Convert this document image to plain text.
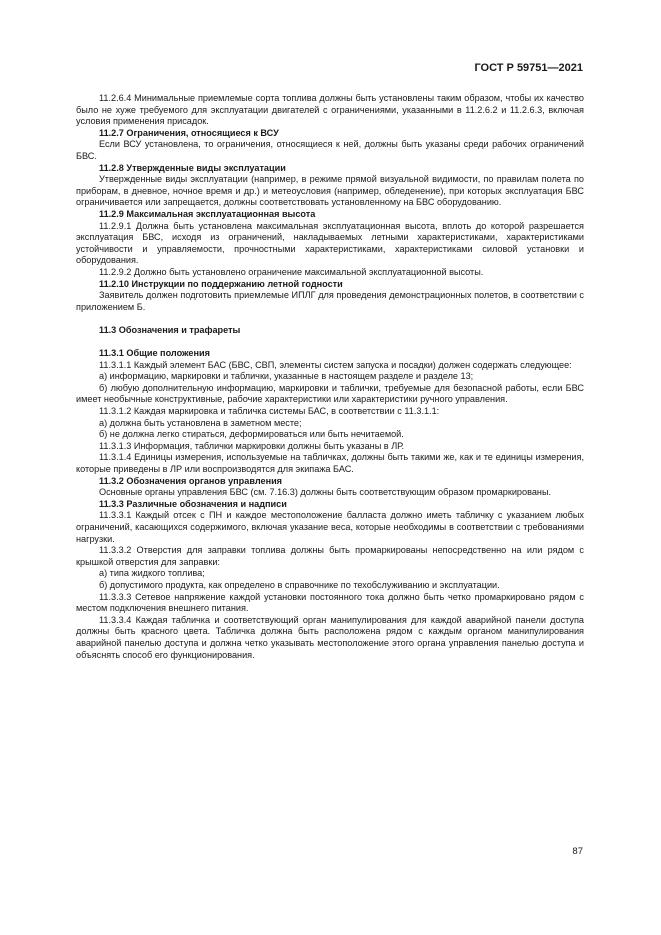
ГОСТ Р 59751—2021

11.2.6.4 Минимальные приемлемые сорта топлива должны быть установлены таким образом, чтобы их качество было не хуже требуемого для эксплуатации двигателей с ограничениями, указанными в 11.2.6.2 и 11.2.6.3, включая условия применения присадок.

11.2.7 Ограничения, относящиеся к ВСУ

Если ВСУ установлена, то ограничения, относящиеся к ней, должны быть указаны среди рабочих ограничений БВС.

11.2.8 Утвержденные виды эксплуатации

Утвержденные виды эксплуатации (например, в режиме прямой визуальной видимости, по правилам полета по приборам, в дневное, ночное время и др.) и метеоусловия (например, обледенение), при которых эксплуатация БВС ограничивается или запрещается, должны соответствовать установленному на БВС оборудованию.

11.2.9 Максимальная эксплуатационная высота

11.2.9.1 Должна быть установлена максимальная эксплуатационная высота, вплоть до которой разрешается эксплуатация БВС, исходя из ограничений, накладываемых летными характеристиками, характеристиками устойчивости и управляемости, прочностными характеристиками, характеристиками силовой установки и оборудования.

11.2.9.2 Должно быть установлено ограничение максимальной эксплуатационной высоты.

11.2.10 Инструкции по поддержанию летной годности

Заявитель должен подготовить приемлемые ИПЛГ для проведения демонстрационных полетов, в соответствии с приложением Б.

11.3 Обозначения и трафареты

11.3.1 Общие положения

11.3.1.1 Каждый элемент БАС (БВС, СВП, элементы систем запуска и посадки) должен содержать следующее:

а) информацию, маркировки и таблички, указанные в настоящем разделе и разделе 13;

б) любую дополнительную информацию, маркировки и таблички, требуемые для безопасной работы, если БВС имеет необычные конструктивные, рабочие характеристики или характеристики ручного управления.

11.3.1.2 Каждая маркировка и табличка системы БАС, в соответствии с 11.3.1.1:

а) должна быть установлена в заметном месте;

б) не должна легко стираться, деформироваться или быть нечитаемой.

11.3.1.3 Информация, таблички маркировки должны быть указаны в ЛР.

11.3.1.4 Единицы измерения, используемые на табличках, должны быть такими же, как и те единицы измерения, которые приведены в ЛР или воспроизводятся для экипажа БАС.

11.3.2 Обозначения органов управления

Основные органы управления БВС (см. 7.16.3) должны быть соответствующим образом промаркированы.

11.3.3 Различные обозначения и надписи

11.3.3.1 Каждый отсек с ПН и каждое местоположение балласта должно иметь табличку с указанием любых ограничений, касающихся содержимого, включая указание веса, которые необходимы в соответствии с требованиями нагрузки.

11.3.3.2 Отверстия для заправки топлива должны быть промаркированы непосредственно на или рядом с крышкой отверстия для заправки:

а) типа жидкого топлива;

б) допустимого продукта, как определено в справочнике по техобслуживанию и эксплуатации.

11.3.3.3 Сетевое напряжение каждой установки постоянного тока должно быть четко промаркировано рядом с местом подключения внешнего питания.

11.3.3.4 Каждая табличка и соответствующий орган манипулирования для каждой аварийной панели доступа должны быть красного цвета. Табличка должна быть расположена рядом с каждым органом манипулирования аварийной панелью доступа и должна четко указывать местоположение этого органа управления панелью доступа и объяснять способ его функционирования.

87
